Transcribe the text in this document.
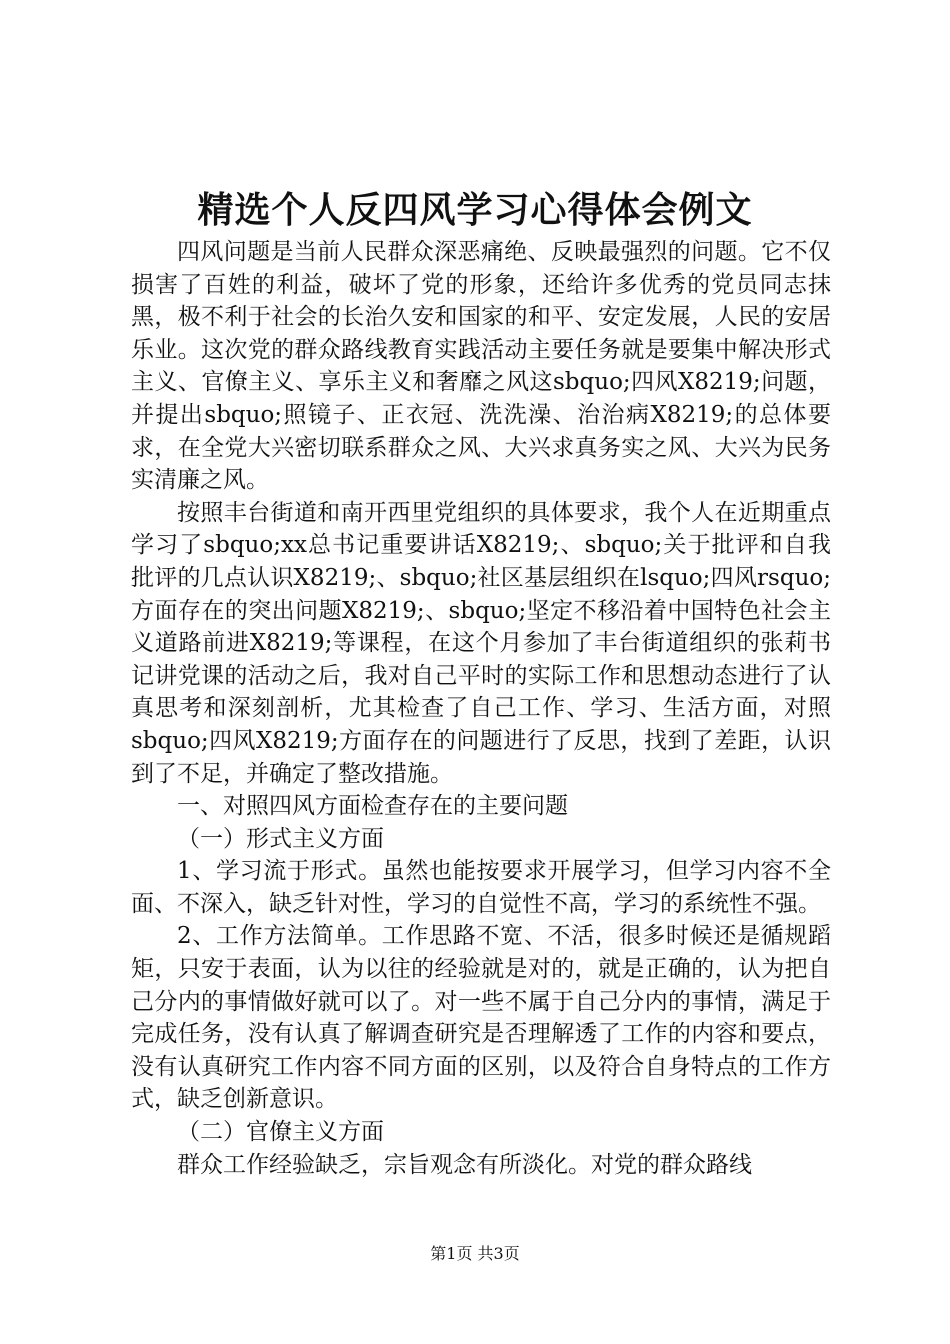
精选个人反四风学习心得体会例文

四风问题是当前人民群众深恶痛绝、反映最强烈的问题。它不仅损害了百姓的利益，破坏了党的形象，还给许多优秀的党员同志抹黑，极不利于社会的长治久安和国家的和平、安定发展，人民的安居乐业。这次党的群众路线教育实践活动主要任务就是要集中解决形式主义、官僚主义、享乐主义和奢靡之风这sbquo;四风X8219;问题，并提出sbquo;照镜子、正衣冠、洗洗澡、治治病X8219;的总体要求，在全党大兴密切联系群众之风、大兴求真务实之风、大兴为民务实清廉之风。

按照丰台街道和南开西里党组织的具体要求，我个人在近期重点学习了sbquo;xx总书记重要讲话X8219;、sbquo;关于批评和自我批评的几点认识X8219;、sbquo;社区基层组织在lsquo;四风rsquo;方面存在的突出问题X8219;、sbquo;坚定不移沿着中国特色社会主义道路前进X8219;等课程，在这个月参加了丰台街道组织的张莉书记讲党课的活动之后，我对自己平时的实际工作和思想动态进行了认真思考和深刻剖析，尤其检查了自己工作、学习、生活方面，对照sbquo;四风X8219;方面存在的问题进行了反思，找到了差距，认识到了不足，并确定了整改措施。

一、对照四风方面检查存在的主要问题

（一）形式主义方面

1、学习流于形式。虽然也能按要求开展学习，但学习内容不全面、不深入，缺乏针对性，学习的自觉性不高，学习的系统性不强。

2、工作方法简单。工作思路不宽、不活，很多时候还是循规蹈矩，只安于表面，认为以往的经验就是对的，就是正确的，认为把自己分内的事情做好就可以了。对一些不属于自己分内的事情，满足于完成任务，没有认真了解调查研究是否理解透了工作的内容和要点，没有认真研究工作内容不同方面的区别，以及符合自身特点的工作方式，缺乏创新意识。

（二）官僚主义方面

群众工作经验缺乏，宗旨观念有所淡化。对党的群众路线

第1页 共3页
